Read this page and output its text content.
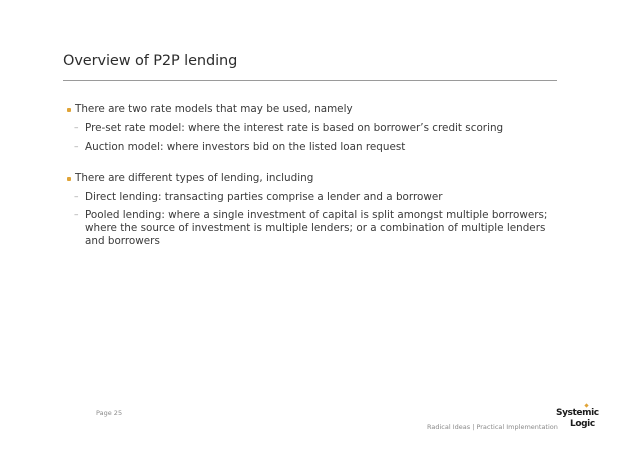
Overview of P2P lending
There are two rate models that may be used, namely
– Pre-set rate model: where the interest rate is based on borrower’s credit scoring
– Auction model: where investors bid on the listed loan request
There are different types of lending, including
– Direct lending: transacting parties comprise a lender and a borrower
– Pooled lending: where a single investment of capital is split amongst multiple borrowers; where the source of investment is multiple lenders; or a combination of multiple lenders and borrowers
Page 25
Radical Ideas | Practical Implementation
Systemic
Logic
